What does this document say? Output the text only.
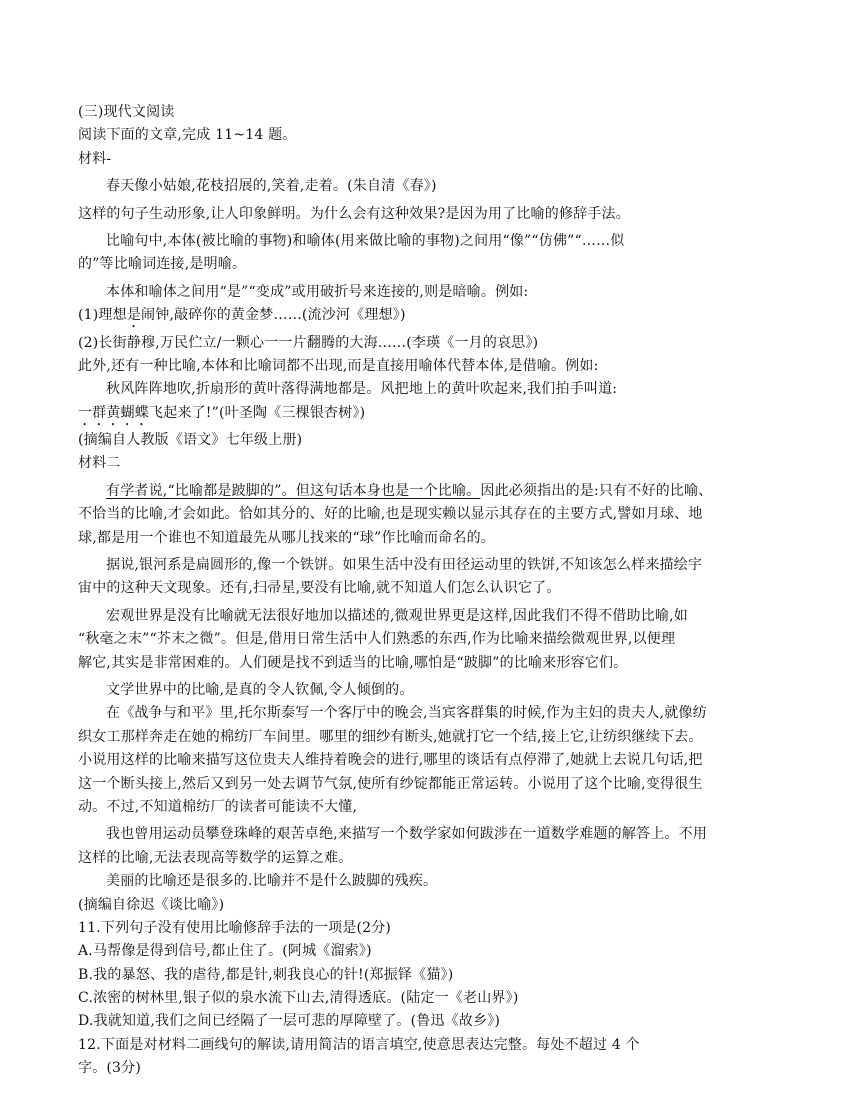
(三)现代文阅读
阅读下面的文章,完成 11~14 题。
材料-
春天像小姑娘,花枝招展的,笑着,走着。(朱自清《春》)
这样的句子生动形象,让人印象鲜明。为什么会有这种效果?是因为用了比喻的修辞手法。
比喻句中,本体(被比喻的事物)和喻体(用来做比喻的事物)之间用“像”“仿佛”“……似
的”等比喻词连接,是明喻。
本体和喻体之间用“是”“变成”或用破折号来连接的,则是暗喻。例如:
(1)理想是闹钟,敲碎你的黄金梦……(流沙河《理想》)
(2)长街静穆,万民伫立/一颗心一一片翻腾的大海……(李瑛《一月的哀思》)
此外,还有一种比喻,本体和比喻词都不出现,而是直接用喻体代替本体,是借喻。例如:
秋风阵阵地吹,折扇形的黄叶落得满地都是。风把地上的黄叶吹起来,我们拍手叫道:
一群黄蝴蝶飞起来了!”(叶圣陶《三棵银杏树》)
(摘编自人教版《语文》七年级上册)
材料二
有学者说,“比喻都是跛脚的”。但这句话本身也是一个比喻。因此必须指出的是:只有不好的比喻、
不恰当的比喻,才会如此。恰如其分的、好的比喻,也是现实赖以显示其存在的主要方式,譬如月球、地
球,都是用一个谁也不知道最先从哪儿找来的“球”作比喻而命名的。
据说,银河系是扁圆形的,像一个铁饼。如果生活中没有田径运动里的铁饼,不知该怎么样来描绘宇
宙中的这种天文现象。还有,扫帚星,要没有比喻,就不知道人们怎么认识它了。
宏观世界是没有比喻就无法很好地加以描述的,微观世界更是这样,因此我们不得不借助比喻,如
“秋毫之末”“芥末之微”。但是,借用日常生活中人们熟悉的东西,作为比喻来描绘微观世界,以便理
解它,其实是非常困难的。人们硬是找不到适当的比喻,哪怕是“跛脚”的比喻来形容它们。
文学世界中的比喻,是真的令人钦佩,令人倾倒的。
在《战争与和平》里,托尔斯泰写一个客厅中的晚会,当宾客群集的时候,作为主妇的贵夫人,就像纺
织女工那样奔走在她的棉纺厂车间里。哪里的细纱有断头,她就打它一个结,接上它,让纺织继续下去。
小说用这样的比喻来描写这位贵夫人维持着晚会的进行,哪里的谈话有点停滞了,她就上去说几句话,把
这一个断头接上,然后又到另一处去调节气氛,使所有纱锭都能正常运转。小说用了这个比喻,变得很生
动。不过,不知道棉纺厂的读者可能读不大懂,
我也曾用运动员攀登珠峰的艰苦卓绝,来描写一个数学家如何跋涉在一道数学难题的解答上。不用
这样的比喻,无法表现高等数学的运算之难。
美丽的比喻还是很多的.比喻并不是什么跛脚的残疾。
(摘编自徐迟《谈比喻》)
11.下列句子没有使用比喻修辞手法的一项是(2分)
A.马帮像是得到信号,都止住了。(阿城《溜索》)
B.我的暴怒、我的虐待,都是针,刺我良心的针!(郑振铎《猫》)
C.浓密的树林里,银子似的泉水流下山去,清得透底。(陆定一《老山界》)
D.我就知道,我们之间已经隔了一层可悲的厚障壁了。(鲁迅《故乡》)
12.下面是对材料二画线句的解读,请用简洁的语言填空,使意思表达完整。每处不超过 4 个
字。(3分)
